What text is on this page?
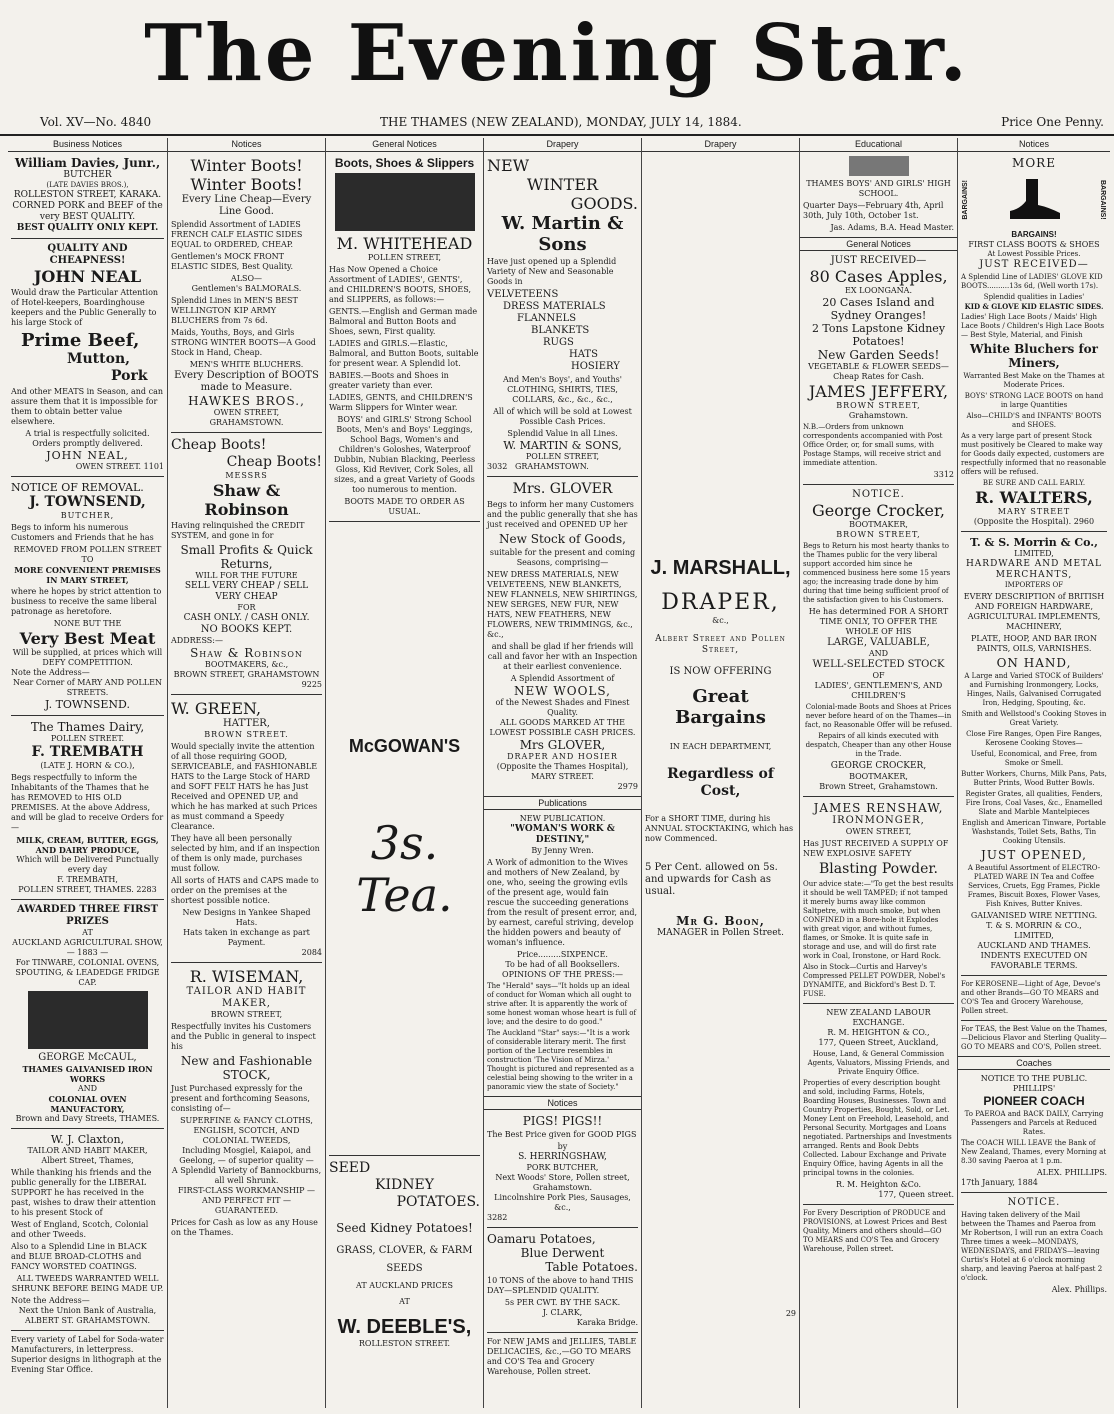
The Evening Star.
Vol. XV—No. 4840	THE THAMES (NEW ZEALAND), MONDAY, JULY 14, 1884.	Price One Penny.
Business Notices
William Davies, Junr.,
BUTCHER
(LATE DAVIES BROS.),
ROLLESTON STREET, KARAKA.
CORNED PORK and BEEF of the very BEST QUALITY.
BEST QUALITY ONLY KEPT.
QUALITY AND CHEAPNESS!
JOHN NEAL

Would draw the Particular Attention of Hotel-keepers, Boardinghouse keepers and the Public Generally to his large Stock of

Prime Beef,
Mutton,
Pork

And other MEATS in Season, and can assure them that it is impossible for them to obtain better value elsewhere.

A trial is respectfully solicited.
Orders promptly delivered.
JOHN NEAL,
OWEN STREET. 1101
NOTICE OF REMOVAL.
J. TOWNSEND,
BUTCHER,

Begs to inform his numerous Customers and Friends that he has

REMOVED FROM POLLEN STREET
TO
MORE CONVENIENT PREMISES IN MARY STREET,

where he hopes by strict attention to business to receive the same liberal patronage as heretofore.

NONE BUT THE
Very Best Meat
Will be supplied, at prices which will DEFY COMPETITION.
Note the Address—
Near Corner of MARY AND POLLEN STREETS.
J. TOWNSEND.
The Thames Dairy,
POLLEN STREET.
F. TREMBATH
(LATE J. HORN & CO.),

Begs respectfully to inform the Inhabitants of the Thames that he has REMOVED to HIS OLD PREMISES. At the above Address, and will be glad to receive Orders for—

MILK, CREAM, BUTTER, EGGS, AND DAIRY PRODUCE,
Which will be Delivered Punctually every day
F. TREMBATH,
POLLEN STREET, THAMES. 2283
AWARDED THREE FIRST PRIZES
AT
AUCKLAND AGRICULTURAL SHOW, — 1883 —
For TINWARE, COLONIAL OVENS, SPOUTING, & LEADEDGE FRIDGE CAP.
GEORGE McCAUL,
THAMES GALVANISED IRON WORKS
AND
COLONIAL OVEN MANUFACTORY,
Brown and Davy Streets, THAMES.
W. J. Claxton,
TAILOR AND HABIT MAKER,
Albert Street, Thames,

While thanking his friends and the public generally for the LIBERAL SUPPORT he has received in the past, wishes to draw their attention to his present Stock of

West of England, Scotch, Colonial and other Tweeds.

Also to a Splendid Line in BLACK and BLUE BROAD-CLOTHS and FANCY WORSTED COATINGS.

ALL TWEEDS WARRANTED WELL SHRUNK BEFORE BEING MADE UP.

Note the Address—
Next the Union Bank of Australia,
ALBERT ST. GRAHAMSTOWN.

Every variety of Label for Soda-water Manufacturers, in letterpress. Superior designs in lithograph at the Evening Star Office.

Notices
Winter Boots!
Winter Boots!
Every Line Cheap—Every Line Good.

Splendid Assortment of LADIES FRENCH CALF ELASTIC SIDES EQUAL to ORDERED, CHEAP.

Gentlemen's MOCK FRONT ELASTIC SIDES, Best Quality.

ALSO—
Gentlemen's BALMORALS.

Splendid Lines in MEN'S BEST WELLINGTON KIP ARMY BLUCHERS from 7s 6d.

Maids, Youths, Boys, and Girls STRONG WINTER BOOTS—A Good Stock in Hand, Cheap.

MEN'S WHITE BLUCHERS.
Every Description of BOOTS made to Measure.
HAWKES BROS.,
OWEN STREET,
GRAHAMSTOWN.
Cheap Boots!
Cheap Boots!
MESSRS
Shaw & Robinson

Having relinquished the CREDIT SYSTEM, and gone in for

Small Profits & Quick Returns,
WILL FOR THE FUTURE
SELL VERY CHEAP / SELL VERY CHEAP
FOR
CASH ONLY. / CASH ONLY.
NO BOOKS KEPT.
ADDRESS:—
Shaw & Robinson
BOOTMAKERS, &c.,
BROWN STREET, GRAHAMSTOWN
9225
W. GREEN,
HATTER,
BROWN STREET.

Would specially invite the attention of all those requiring GOOD, SERVICEABLE, and FASHIONABLE HATS to the Large Stock of HARD and SOFT FELT HATS he has Just Received and OPENED UP, and which he has marked at such Prices as must command a Speedy Clearance.

They have all been personally selected by him, and if an inspection of them is only made, purchases must follow.

All sorts of HATS and CAPS made to order on the premises at the shortest possible notice.

New Designs in Yankee Shaped Hats.
Hats taken in exchange as part Payment.
2084
R. WISEMAN,
TAILOR AND HABIT MAKER,
BROWN STREET,

Respectfully invites his Customers and the Public in general to inspect his

New and Fashionable STOCK,

Just Purchased expressly for the present and forthcoming Seasons, consisting of—

SUPERFINE & FANCY CLOTHS, ENGLISH, SCOTCH, AND COLONIAL TWEEDS,
Including Mosgiel, Kaiapoi, and Geelong, — of superior quality —
A Splendid Variety of Bannockburns, all well Shrunk.
FIRST-CLASS WORKMANSHIP — AND PERFECT FIT — GUARANTEED.

Prices for Cash as low as any House on the Thames.

General Notices
Boots, Shoes & Slippers
M. WHITEHEAD
POLLEN STREET,

Has Now Opened a Choice Assortment of LADIES', GENTS', and CHILDREN'S BOOTS, SHOES, and SLIPPERS, as follows:—

GENTS.—English and German made Balmoral and Button Boots and Shoes, sewn, First quality.

LADIES and GIRLS.—Elastic, Balmoral, and Button Boots, suitable for present wear. A Splendid lot.

BABIES.—Boots and Shoes in greater variety than ever.

LADIES, GENTS, and CHILDREN'S Warm Slippers for Winter wear.

BOYS' and GIRLS' Strong School Boots, Men's and Boys' Leggings, School Bags, Women's and Children's Goloshes, Waterproof Dubbin, Nubian Blacking, Peerless Gloss, Kid Reviver, Cork Soles, all sizes, and a great Variety of Goods too numerous to mention.

BOOTS MADE TO ORDER AS USUAL.
McGOWAN'S
3s. Tea.
SEED
KIDNEY
POTATOES.
Seed Kidney Potatoes!
GRASS, CLOVER, & FARM
SEEDS
AT AUCKLAND PRICES
AT
W. DEEBLE'S,
ROLLESTON STREET.
Drapery
NEW
WINTER
GOODS.
W. Martin & Sons

Have just opened up a Splendid Variety of New and Seasonable Goods in

VELVETEENS
DRESS MATERIALS
FLANNELS
BLANKETS
RUGS
HATS
HOSIERY

And Men's Boys', and Youths' CLOTHING, SHIRTS, TIES, COLLARS, &c., &c., &c.,

All of which will be sold at Lowest Possible Cash Prices.

Splendid Value in all Lines.
W. MARTIN & SONS,
POLLEN STREET,
3032 GRAHAMSTOWN.
Mrs. GLOVER

Begs to inform her many Customers and the public generally that she has just received and OPENED UP her

New Stock of Goods,

suitable for the present and coming Seasons, comprising—

NEW DRESS MATERIALS, NEW VELVETEENS, NEW BLANKETS, NEW FLANNELS, NEW SHIRTINGS, NEW SERGES, NEW FUR, NEW HATS, NEW FEATHERS, NEW FLOWERS, NEW TRIMMINGS, &c., &c.,

and shall be glad if her friends will call and favor her with an Inspection at their earliest convenience.

A Splendid Assortment of
NEW WOOLS,
of the Newest Shades and Finest Quality.
ALL GOODS MARKED AT THE LOWEST POSSIBLE CASH PRICES.
Mrs GLOVER,
DRAPER AND HOSIER
(Opposite the Thames Hospital),
MARY STREET.
2979
Publications
NEW PUBLICATION.
"WOMAN'S WORK & DESTINY,"
By Jenny Wren.

A Work of admonition to the Wives and mothers of New Zealand, by one, who, seeing the growing evils of the present age, would fain rescue the succeeding generations from the result of present error, and, by earnest, careful striving, develop the hidden powers and beauty of woman's influence.

Price.........SIXPENCE.
To be had of all Booksellers.
OPINIONS OF THE PRESS:—

The "Herald" says—"It holds up an ideal of conduct for Woman which all ought to strive after. It is apparently the work of some honest woman whose heart is full of love; and the desire to do good."

The Auckland "Star" says:—"It is a work of considerable literary merit. The first portion of the Lecture resembles in construction 'The Vision of Mirza.' Thought is pictured and represented as a celestial being showing to the writer in a panoramic view the state of Society."

Notices
PIGS! PIGS!!

The Best Price given for GOOD PIGS

by
S. HERRINGSHAW,
PORK BUTCHER,
Next Woods' Store, Pollen street, Grahamstown.
Lincolnshire Pork Pies, Sausages, &c.,
3282
Oamaru Potatoes,
Blue Derwent
Table Potatoes.

10 TONS of the above to hand THIS DAY—SPLENDID QUALITY.

5s PER CWT. BY THE SACK.
J. CLARK,
Karaka Bridge.

For NEW JAMS and JELLIES, TABLE DELICACIES, &c.,—GO TO MEARS and CO'S Tea and Grocery Warehouse, Pollen street.

Drapery
J. MARSHALL,
DRAPER,
&c.,
Albert Street and Pollen Street,
IS NOW OFFERING
Great Bargains
IN EACH DEPARTMENT,
Regardless of Cost,

For a SHORT TIME, during his ANNUAL STOCKTAKING, which has now Commenced.

5 Per Cent. allowed on 5s. and upwards for Cash as usual.

Mr G. Boon,
MANAGER in Pollen Street.
29
Educational
THAMES BOYS' AND GIRLS' HIGH SCHOOL.

Quarter Days—February 4th, April 30th, July 10th, October 1st.

Jas. Adams, B.A. Head Master.
General Notices
JUST RECEIVED—
80 Cases Apples,
EX LOONGANA.
20 Cases Island and Sydney Oranges!
2 Tons Lapstone Kidney Potatoes!
New Garden Seeds!
VEGETABLE & FLOWER SEEDS—Cheap Rates for Cash.
JAMES JEFFERY,
BROWN STREET,
Grahamstown.

N.B.—Orders from unknown correspondents accompanied with Post Office Order, or, for small sums, with Postage Stamps, will receive strict and immediate attention.

3312
NOTICE.
George Crocker,
BOOTMAKER,
BROWN STREET,

Begs to Return his most hearty thanks to the Thames public for the very liberal support accorded him since he commenced business here some 15 years ago; the increasing trade done by him during that time being sufficient proof of the satisfaction given to his Customers.

He has determined FOR A SHORT TIME ONLY, TO OFFER THE WHOLE OF HIS
LARGE, VALUABLE,
AND
WELL-SELECTED STOCK
OF
LADIES', GENTLEMEN'S, AND CHILDREN'S

Colonial-made Boots and Shoes at Prices never before heard of on the Thames—in fact, no Reasonable Offer will be refused.

Repairs of all kinds executed with despatch, Cheaper than any other House in the Trade.

GEORGE CROCKER,
BOOTMAKER,
Brown Street, Grahamstown.
JAMES RENSHAW,
IRONMONGER,
OWEN STREET,

Has JUST RECEIVED A SUPPLY OF NEW EXPLOSIVE SAFETY

Blasting Powder.

Our advice state:—"To get the best results it should be well TAMPED; if not tamped it merely burns away like common Saltpetre, with much smoke, but when CONFINED in a Bore-hole it Explodes with great vigor, and without fumes, flames, or Smoke. It is quite safe in storage and use, and will do first rate work in Coal, Ironstone, or Hard Rock.

Also in Stock—Curtis and Harvey's Compressed PELLET POWDER, Nobel's DYNAMITE, and Bickford's Best D. T. FUSE.

NEW ZEALAND LABOUR EXCHANGE.
R. M. HEIGHTON & CO.,
177, Queen Street, Auckland,

House, Land, & General Commission Agents, Valuators, Missing Friends, and Private Enquiry Office.

Properties of every description bought and sold, including Farms, Hotels, Boarding Houses, Businesses. Town and Country Properties, Bought, Sold, or Let. Money Lent on Freehold, Leasehold, and Personal Security. Mortgages and Loans negotiated. Partnerships and Investments arranged. Rents and Book Debts Collected. Labour Exchange and Private Enquiry Office, having Agents in all the principal towns in the colonies.

R. M. Heighton &Co.
177, Queen street.

For Every Description of PRODUCE and PROVISIONS, at Lowest Prices and Best Quality, Miners and others should—GO TO MEARS and CO'S Tea and Grocery Warehouse, Pollen street.

Notices
MORE
BARGAINS!	BARGAINS!
BARGAINS!
FIRST CLASS BOOTS & SHOES
At Lowest Possible Prices.
JUST RECEIVED—

A Splendid Line of LADIES' GLOVE KID BOOTS..........13s 6d, (Well worth 17s).

Splendid qualities in Ladies'
KID & GLOVE KID ELASTIC SIDES.

Ladies' High Lace Boots / Maids' High Lace Boots / Children's High Lace Boots — Best Style, Material, and Finish

White Bluchers for Miners,

Warranted Best Make on the Thames at Moderate Prices.

BOYS' STRONG LACE BOOTS on hand in large Quantities

Also—CHILD'S and INFANTS' BOOTS and SHOES.

As a very large part of present Stock must positively be Cleared to make way for Goods daily expected, customers are respectfully informed that no reasonable offers will be refused.

BE SURE AND CALL EARLY.
R. WALTERS,
MARY STREET
(Opposite the Hospital). 2960
T. & S. Morrin & Co.,
LIMITED,
HARDWARE AND METAL MERCHANTS,
IMPORTERS OF

EVERY DESCRIPTION of BRITISH AND FOREIGN HARDWARE, AGRICULTURAL IMPLEMENTS, MACHINERY,

PLATE, HOOP, AND BAR IRON PAINTS, OILS, VARNISHES.

ON HAND,

A Large and Varied STOCK of Builders' and Furnishing Ironmongery, Locks, Hinges, Nails, Galvanised Corrugated Iron, Hedging, Spouting, &c.

Smith and Wellstood's Cooking Stoves in Great Variety.

Close Fire Ranges, Open Fire Ranges, Kerosene Cooking Stoves—

Useful, Economical, and Free, from Smoke or Smell.

Butter Workers, Churns, Milk Pans, Pats, Butter Prints, Wood Butter Bowls.

Register Grates, all qualities, Fenders, Fire Irons, Coal Vases, &c., Enamelled Slate and Marble Mantelpieces

English and American Tinware, Portable Washstands, Toilet Sets, Baths, Tin Cooking Utensils.

JUST OPENED,

A Beautiful Assortment of ELECTRO-PLATED WARE IN Tea and Coffee Services, Cruets, Egg Frames, Pickle Frames, Biscuit Boxes, Flower Vases, Fish Knives, Butter Knives.

GALVANISED WIRE NETTING.
T. & S. MORRIN & CO.,
LIMITED,
AUCKLAND AND THAMES.
INDENTS EXECUTED ON FAVORABLE TERMS.

For KEROSENE—Light of Age, Devoe's and other Brands—GO TO MEARS and CO'S Tea and Grocery Warehouse, Pollen street.

For TEAS, the Best Value on the Thames,—Delicious Flavor and Sterling Quality—GO TO MEARS and CO'S, Pollen street.

Coaches
NOTICE TO THE PUBLIC.
PHILLIPS'
PIONEER COACH

To PAEROA and BACK DAILY, Carrying Passengers and Parcels at Reduced Rates.

The COACH WILL LEAVE the Bank of New Zealand, Thames, every Morning at 8.30 saving Paeroa at 1 p.m.

ALEX. PHILLIPS.
17th January, 1884
NOTICE.

Having taken delivery of the Mail between the Thames and Paeroa from Mr Robertson, I will run an extra Coach Three times a week—MONDAYS, WEDNESDAYS, and FRIDAYS—leaving Curtis's Hotel at 6 o'clock morning sharp, and leaving Paeroa at half-past 2 o'clock.

Alex. Phillips.
